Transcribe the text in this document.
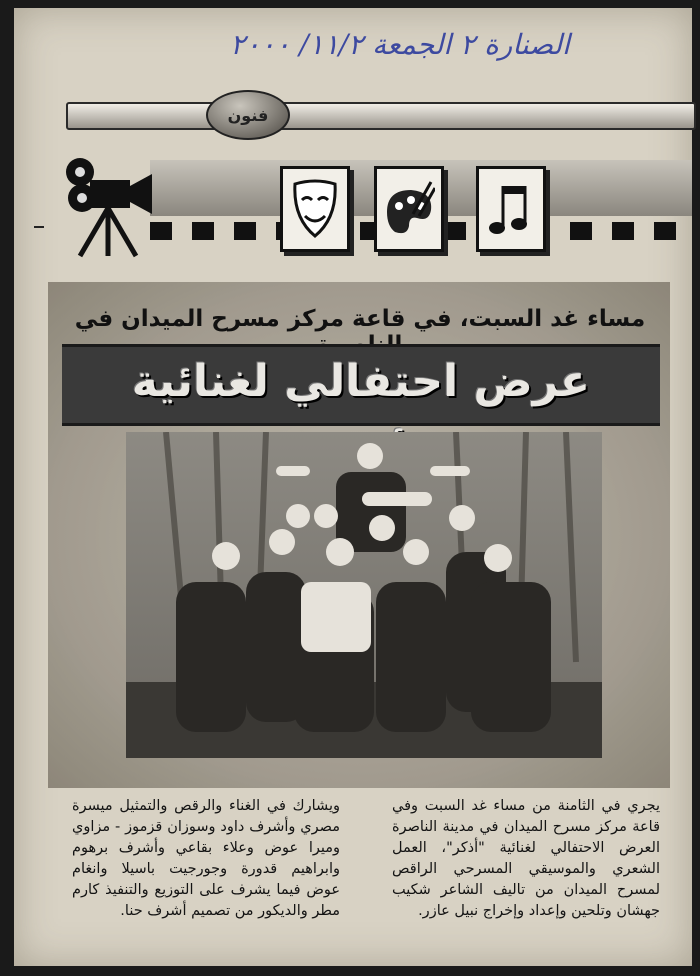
الصنارة ٢ الجمعة ١١/٢/ ٢٠٠٠
فنون
مساء غد السبت، في قاعة مركز مسرح الميدان في
عرض احتفالي لغنائية
يجري في الثامنة من مساء غد السبت وفي قاعة مركز مسرح الميدان في مدينة الناصرة العرض الاحتفالي لغنائية "أذكر"، العمل الشعري والموسيقي المسرحي الراقص لمسرح الميدان من تاليف الشاعر شكيب جهشان وتلحين وإعداد وإخراج نبيل عازر.
ويشارك في الغناء والرقص والتمثيل ميسرة مصري وأشرف داود وسوزان قزموز - مزاوي وميرا عوض وعلاء بقاعي وأشرف برهوم وابراهيم قدورة وجورجيت باسيلا وانغام عوض فيما يشرف على التوزيع والتنفيذ كارم مطر والديكور من تصميم أشرف حنا.
